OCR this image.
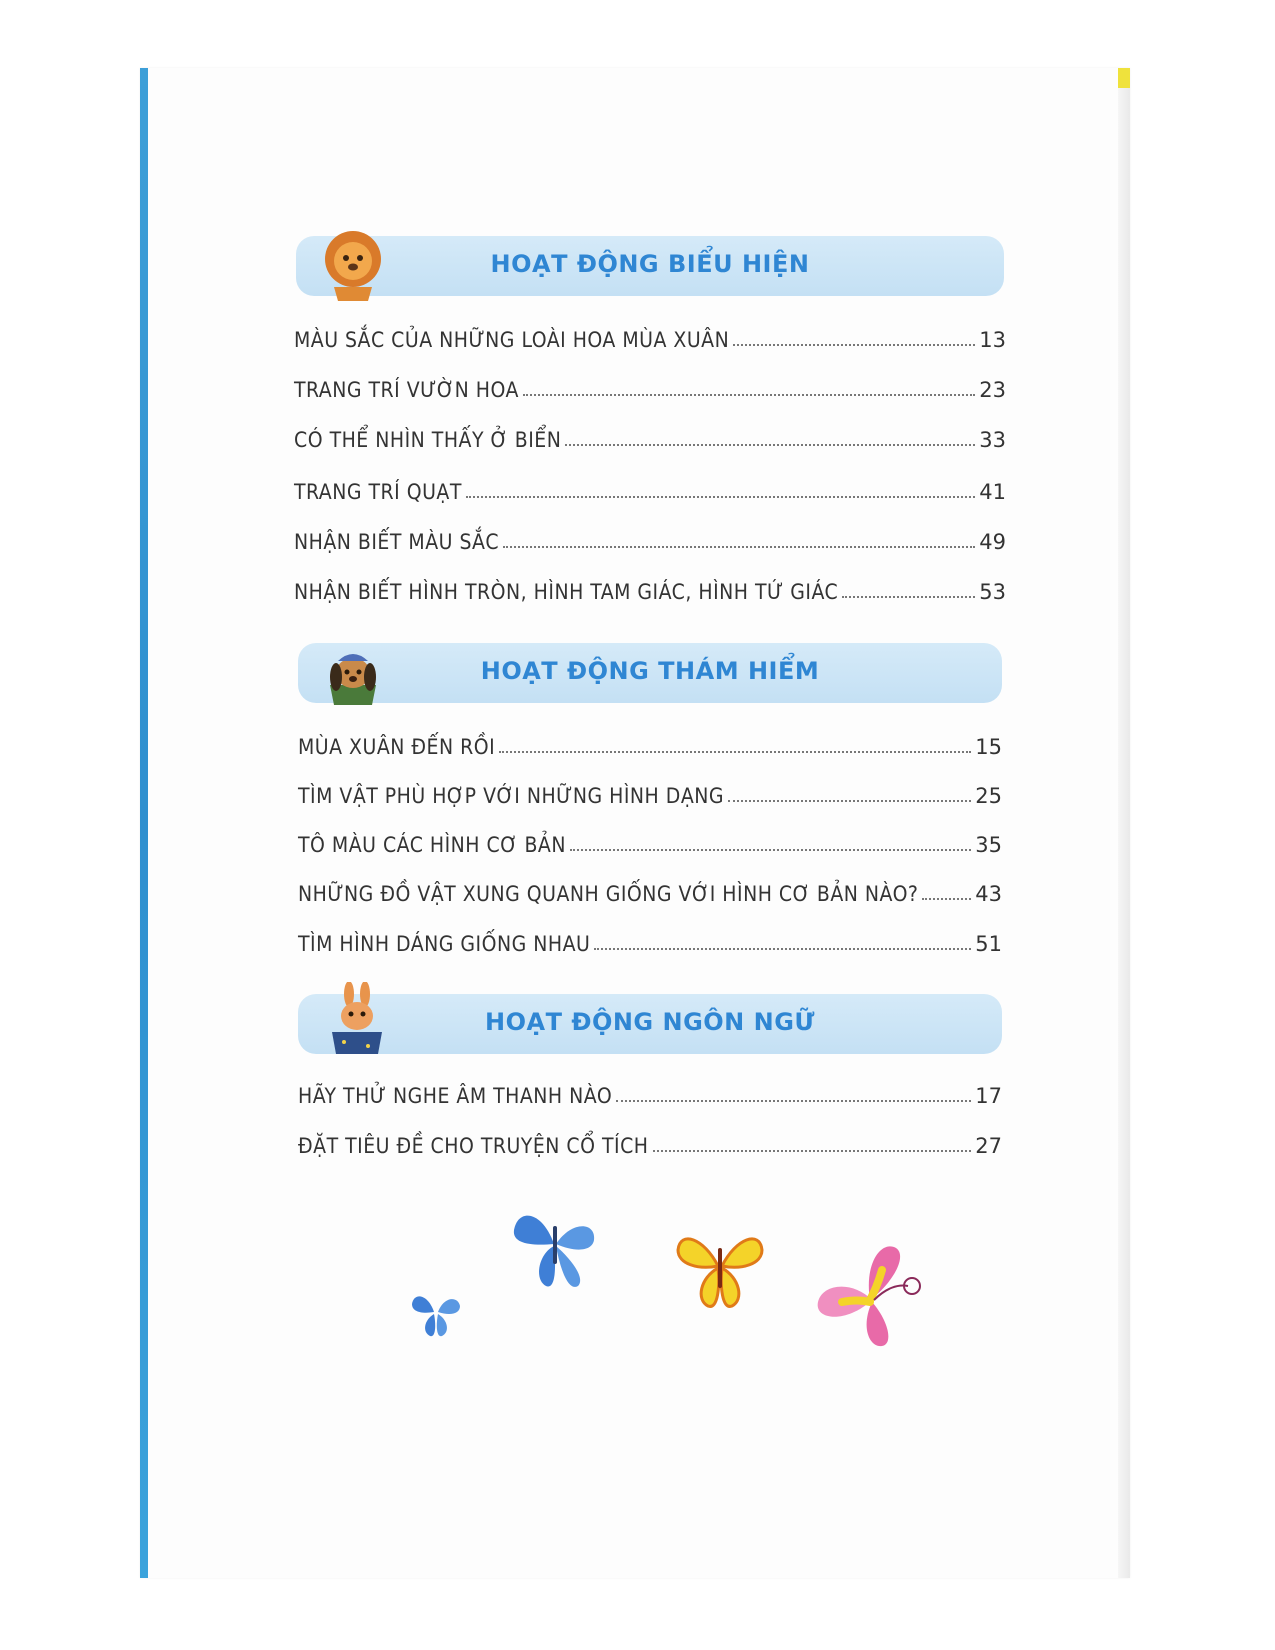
HOẠT ĐỘNG BIỂU HIỆN
MÀU SẮC CỦA NHỮNG LOÀI HOA MÙA XUÂN	13
TRANG TRÍ VƯỜN HOA	23
CÓ THỂ NHÌN THẤY Ở BIỂN	33
TRANG TRÍ QUẠT	41
NHẬN BIẾT MÀU SẮC	49
NHẬN BIẾT HÌNH TRÒN, HÌNH TAM GIÁC, HÌNH TỨ GIÁC	53
HOẠT ĐỘNG THÁM HIỂM
MÙA XUÂN ĐẾN RỒI	15
TÌM VẬT PHÙ HỢP VỚI NHỮNG HÌNH DẠNG	25
TÔ MÀU CÁC HÌNH CƠ BẢN	35
NHỮNG ĐỒ VẬT XUNG QUANH GIỐNG VỚI HÌNH CƠ BẢN NÀO?	43
TÌM HÌNH DÁNG GIỐNG NHAU	51
HOẠT ĐỘNG NGÔN NGỮ
HÃY THỬ NGHE ÂM THANH NÀO	17
ĐẶT TIÊU ĐỀ CHO TRUYỆN CỔ TÍCH	27
